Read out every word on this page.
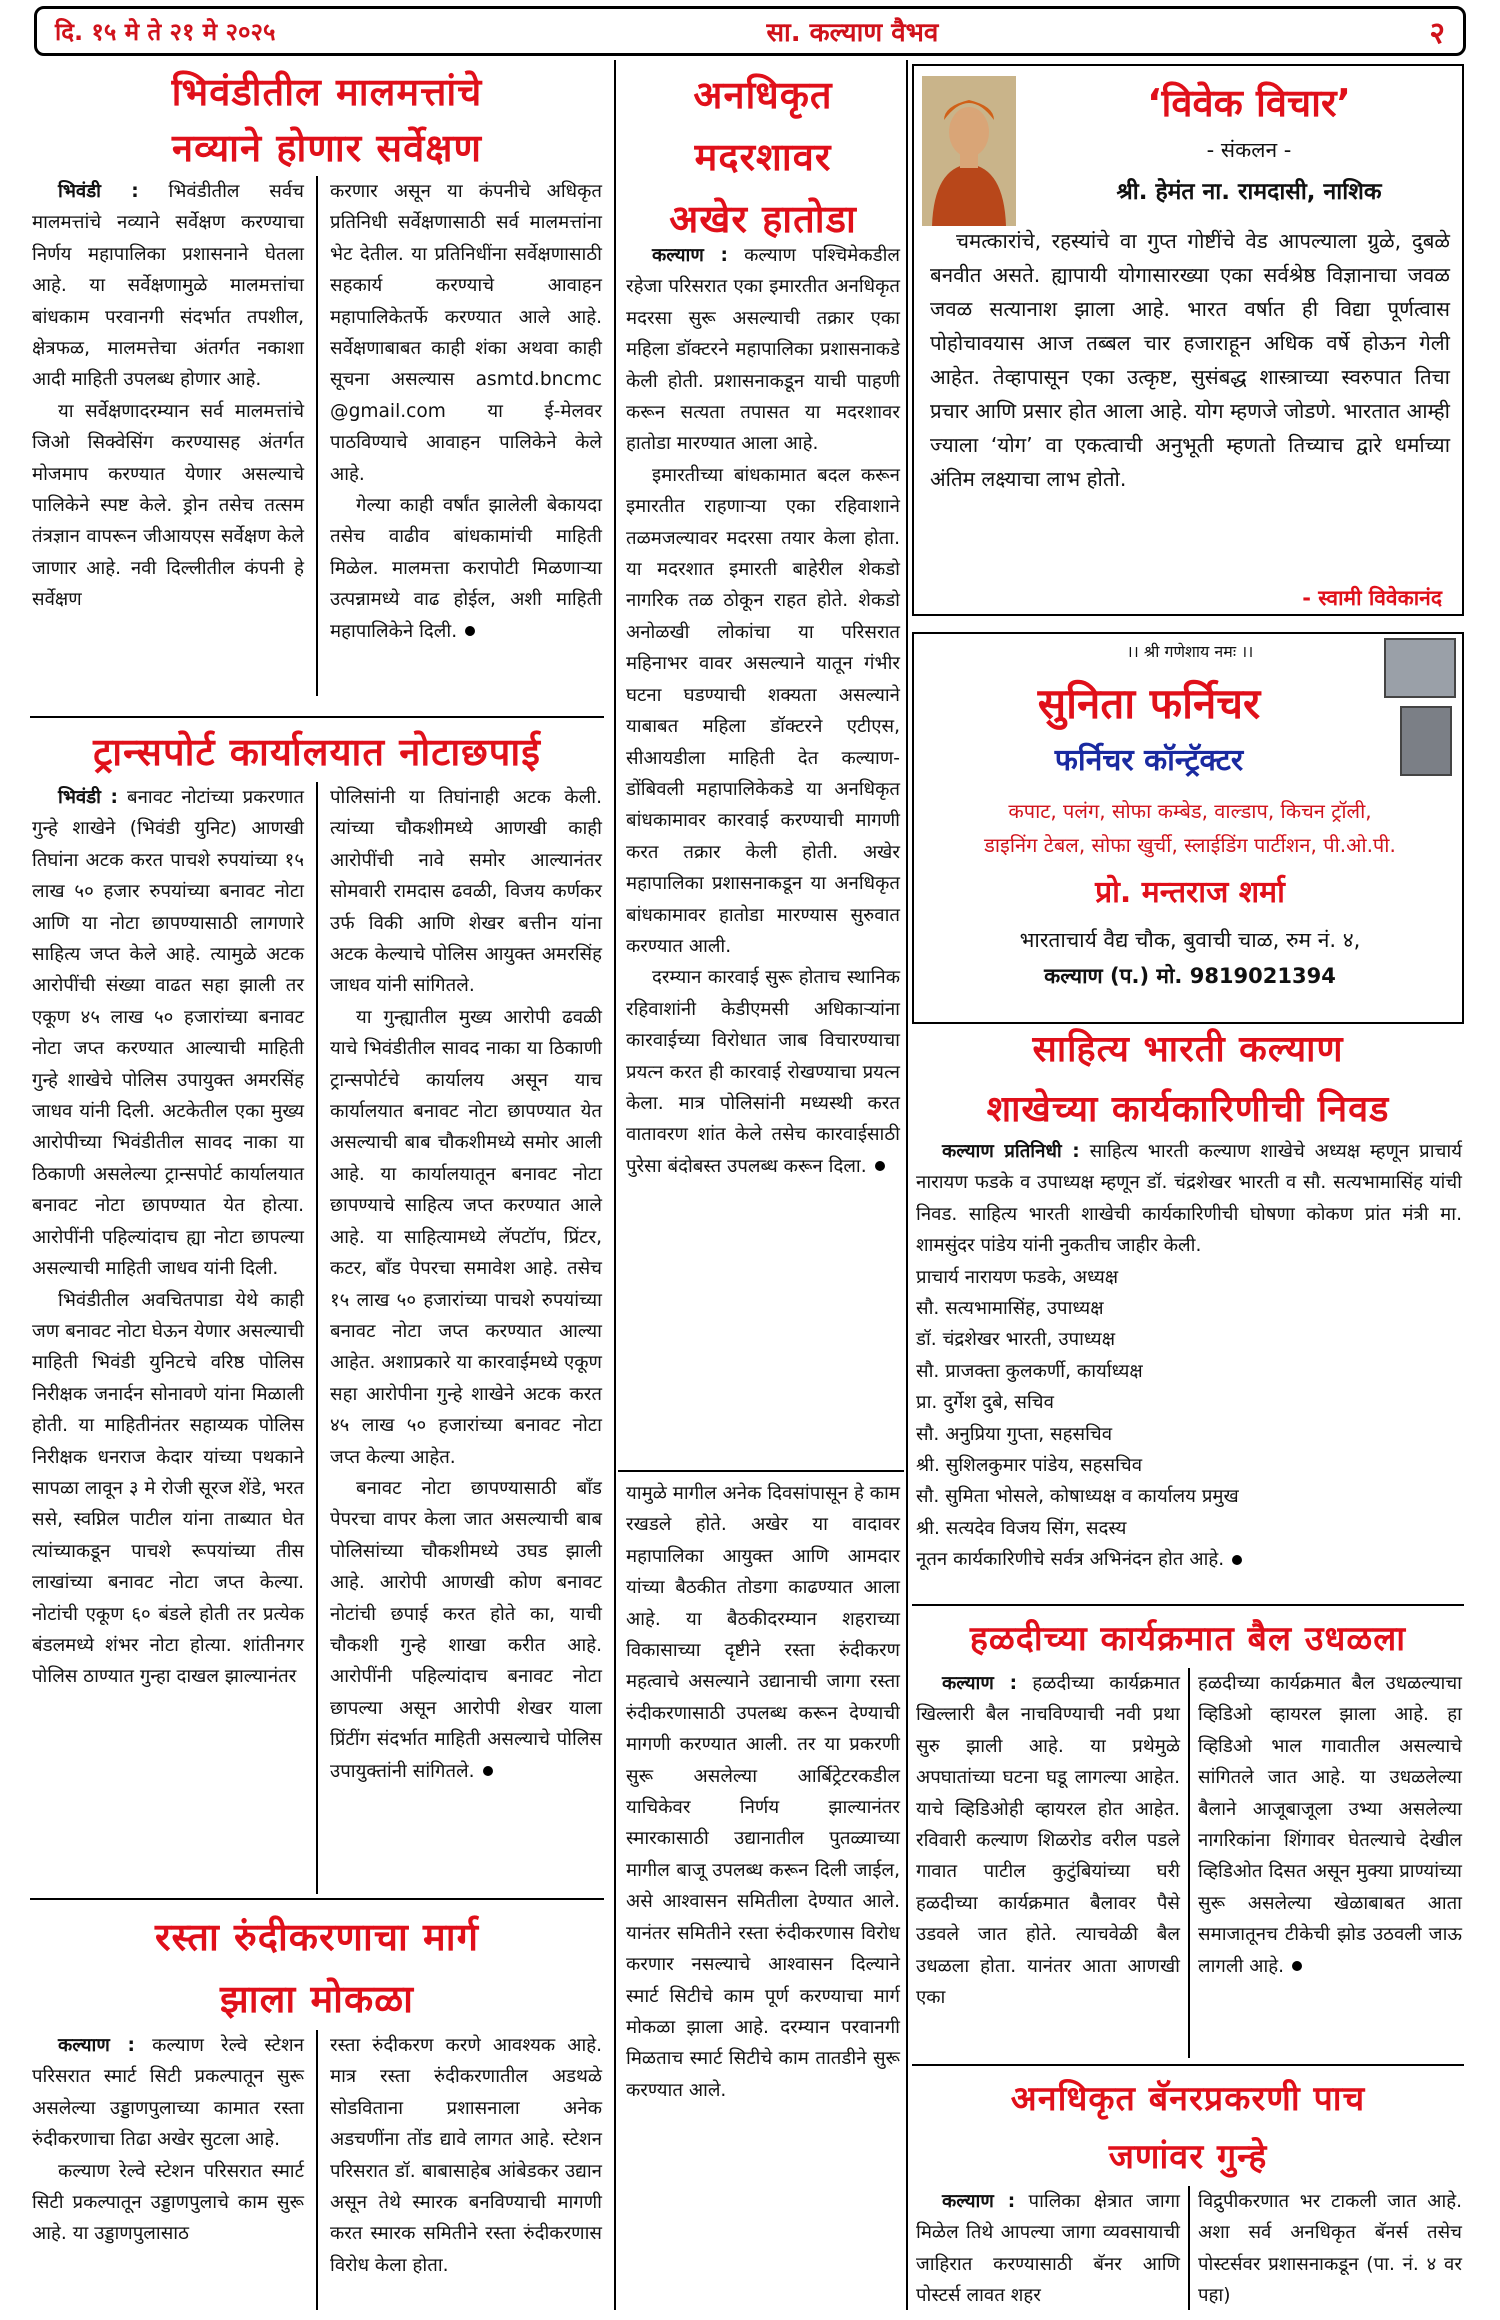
दि. १५ मे ते २१ मे २०२५	सा. कल्याण वैभव	२
भिवंडीतील मालमत्तांचे
नव्याने होणार सर्वेक्षण

भिवंडी : भिवंडीतील सर्वच मालमत्तांचे नव्याने सर्वेक्षण करण्याचा निर्णय महापालिका प्रशासनाने घेतला आहे. या सर्वेक्षणामुळे मालमत्तांचा बांधकाम परवानगी संदर्भात तपशील, क्षेत्रफळ, मालमत्तेचा अंतर्गत नकाशा आदी माहिती उपलब्ध होणार आहे.

या सर्वेक्षणादरम्यान सर्व मालमत्तांचे जिओ सिक्वेसिंग करण्यासह अंतर्गत मोजमाप करण्यात येणार असल्याचे पालिकेने स्पष्ट केले. ड्रोन तसेच तत्सम तंत्रज्ञान वापरून जीआयएस सर्वेक्षण केले जाणार आहे. नवी दिल्लीतील कंपनी हे सर्वेक्षण

करणार असून या कंपनीचे अधिकृत प्रतिनिधी सर्वेक्षणासाठी सर्व मालमत्तांना भेट देतील. या प्रतिनिधींना सर्वेक्षणासाठी सहकार्य करण्याचे आवाहन महापालिकेतर्फे करण्यात आले आहे. सर्वेक्षणाबाबत काही शंका अथवा काही सूचना असल्यास asmtd.bncmc @gmail.com या ई-मेलवर पाठविण्याचे आवाहन पालिकेने केले आहे.

गेल्या काही वर्षांत झालेली बेकायदा तसेच वाढीव बांधकामांची माहिती मिळेल. मालमत्ता करापोटी मिळणाऱ्या उत्पन्नामध्ये वाढ होईल, अशी माहिती महापालिकेने दिली.

ट्रान्सपोर्ट कार्यालयात नोटाछपाई

भिवंडी : बनावट नोटांच्या प्रकरणात गुन्हे शाखेने (भिवंडी युनिट) आणखी तिघांना अटक करत पाचशे रुपयांच्या १५ लाख ५० हजार रुपयांच्या बनावट नोटा आणि या नोटा छापण्यासाठी लागणारे साहित्य जप्त केले आहे. त्यामुळे अटक आरोपींची संख्या वाढत सहा झाली तर एकूण ४५ लाख ५० हजारांच्या बनावट नोटा जप्त करण्यात आल्याची माहिती गुन्हे शाखेचे पोलिस उपायुक्त अमरसिंह जाधव यांनी दिली. अटकेतील एका मुख्य आरोपीच्या भिवंडीतील सावद नाका या ठिकाणी असलेल्या ट्रान्सपोर्ट कार्यालयात बनावट नोटा छापण्यात येत होत्या. आरोपींनी पहिल्यांदाच ह्या नोटा छापल्या असल्याची माहिती जाधव यांनी दिली.

भिवंडीतील अवचितपाडा येथे काही जण बनावट नोटा घेऊन येणार असल्याची माहिती भिवंडी युनिटचे वरिष्ठ पोलिस निरीक्षक जनार्दन सोनावणे यांना मिळाली होती. या माहितीनंतर सहाय्यक पोलिस निरीक्षक धनराज केदार यांच्या पथकाने सापळा लावून ३ मे रोजी सूरज शेंडे, भरत ससे, स्वप्निल पाटील यांना ताब्यात घेत त्यांच्याकडून पाचशे रूपयांच्या तीस लाखांच्या बनावट नोटा जप्त केल्या. नोटांची एकूण ६० बंडले होती तर प्रत्येक बंडलमध्ये शंभर नोटा होत्या. शांतीनगर पोलिस ठाण्यात गुन्हा दाखल झाल्यानंतर

पोलिसांनी या तिघांनाही अटक केली. त्यांच्या चौकशीमध्ये आणखी काही आरोपींची नावे समोर आल्यानंतर सोमवारी रामदास ढवळी, विजय कर्णकर उर्फ विकी आणि शेखर बत्तीन यांना अटक केल्याचे पोलिस आयुक्त अमरसिंह जाधव यांनी सांगितले.

या गुन्ह्यातील मुख्य आरोपी ढवळी याचे भिवंडीतील सावद नाका या ठिकाणी ट्रान्सपोर्टचे कार्यालय असून याच कार्यालयात बनावट नोटा छापण्यात येत असल्याची बाब चौकशीमध्ये समोर आली आहे. या कार्यालयातून बनावट नोटा छापण्याचे साहित्य जप्त करण्यात आले आहे. या साहित्यामध्ये लॅपटॉप, प्रिंटर, कटर, बॉंड पेपरचा समावेश आहे. तसेच १५ लाख ५० हजारांच्या पाचशे रुपयांच्या बनावट नोटा जप्त करण्यात आल्या आहेत. अशाप्रकारे या कारवाईमध्ये एकूण सहा आरोपीना गुन्हे शाखेने अटक करत ४५ लाख ५० हजारांच्या बनावट नोटा जप्त केल्या आहेत.

बनावट नोटा छापण्यासाठी बॉंड पेपरचा वापर केला जात असल्याची बाब पोलिसांच्या चौकशीमध्ये उघड झाली आहे. आरोपी आणखी कोण बनावट नोटांची छपाई करत होते का, याची चौकशी गुन्हे शाखा करीत आहे. आरोपींनी पहिल्यांदाच बनावट नोटा छापल्या असून आरोपी शेखर याला प्रिंटींग संदर्भात माहिती असल्याचे पोलिस उपायुक्तांनी सांगितले.

रस्ता रुंदीकरणाचा मार्ग
झाला मोकळा

कल्याण : कल्याण रेल्वे स्टेशन परिसरात स्मार्ट सिटी प्रकल्पातून सुरू असलेल्या उड्डाणपुलाच्या कामात रस्ता रुंदीकरणाचा तिढा अखेर सुटला आहे.

कल्याण रेल्वे स्टेशन परिसरात स्मार्ट सिटी प्रकल्पातून उड्डाणपुलाचे काम सुरू आहे. या उड्डाणपुलासाठ

रस्ता रुंदीकरण करणे आवश्यक आहे. मात्र रस्ता रुंदीकरणातील अडथळे सोडविताना प्रशासनाला अनेक अडचणींना तोंड द्यावे लागत आहे. स्टेशन परिसरात डॉ. बाबासाहेब आंबेडकर उद्यान असून तेथे स्मारक बनविण्याची मागणी करत स्मारक समितीने रस्ता रुंदीकरणास विरोध केला होता.

अनधिकृत
मदरशावर
अखेर हातोडा

कल्याण : कल्याण पश्चिमेकडील रहेजा परिसरात एका इमारतीत अनधिकृत मदरसा सुरू असल्याची तक्रार एका महिला डॉक्टरने महापालिका प्रशासनाकडे केली होती. प्रशासनाकडून याची पाहणी करून सत्यता तपासत या मदरशावर हातोडा मारण्यात आला आहे.

इमारतीच्या बांधकामात बदल करून इमारतीत राहणाऱ्या एका रहिवाशाने तळमजल्यावर मदरसा तयार केला होता. या मदरशात इमारती बाहेरील शेकडो नागरिक तळ ठोकून राहत होते. शेकडो अनोळखी लोकांचा या परिसरात महिनाभर वावर असल्याने यातून गंभीर घटना घडण्याची शक्यता असल्याने याबाबत महिला डॉक्टरने एटीएस, सीआयडीला माहिती देत कल्याण-डोंबिवली महापालिकेकडे या अनधिकृत बांधकामावर कारवाई करण्याची मागणी करत तक्रार केली होती. अखेर महापालिका प्रशासनाकडून या अनधिकृत बांधकामावर हातोडा मारण्यास सुरुवात करण्यात आली.

दरम्यान कारवाई सुरू होताच स्थानिक रहिवाशांनी केडीएमसी अधिकाऱ्यांना कारवाईच्या विरोधात जाब विचारण्याचा प्रयत्न करत ही कारवाई रोखण्याचा प्रयत्न केला. मात्र पोलिसांनी मध्यस्थी करत वातावरण शांत केले तसेच कारवाईसाठी पुरेसा बंदोबस्त उपलब्ध करून दिला.

यामुळे मागील अनेक दिवसांपासून हे काम रखडले होते. अखेर या वादावर महापालिका आयुक्त आणि आमदार यांच्या बैठकीत तोडगा काढण्यात आला आहे. या बैठकीदरम्यान शहराच्या विकासाच्या दृष्टीने रस्ता रुंदीकरण महत्वाचे असल्याने उद्यानाची जागा रस्ता रुंदीकरणासाठी उपलब्ध करून देण्याची मागणी करण्यात आली. तर या प्रकरणी सुरू असलेल्या आर्बिट्रेटरकडील याचिकेवर निर्णय झाल्यानंतर स्मारकासाठी उद्यानातील पुतळ्याच्या मागील बाजू उपलब्ध करून दिली जाईल, असे आश्वासन समितीला देण्यात आले. यानंतर समितीने रस्ता रुंदीकरणास विरोध करणार नसल्याचे आश्वासन दिल्याने स्मार्ट सिटीचे काम पूर्ण करण्याचा मार्ग मोकळा झाला आहे. दरम्यान परवानगी मिळताच स्मार्ट सिटीचे काम तातडीने सुरू करण्यात आले.

‘विवेक विचार’
- संकलन -
श्री. हेमंत ना. रामदासी, नाशिक
चमत्कारांचे, रहस्यांचे वा गुप्त गोष्टींचे वेड आपल्याला ग्रुळे, दुबळे बनवीत असते. ह्यापायी योगासारख्या एका सर्वश्रेष्ठ विज्ञानाचा जवळ जवळ सत्यानाश झाला आहे. भारत वर्षात ही विद्या पूर्णत्वास पोहोचावयास आज तब्बल चार हजाराहून अधिक वर्षे होऊन गेली आहेत. तेव्हापासून एका उत्कृष्ट, सुसंबद्ध शास्त्राच्या स्वरुपात तिचा प्रचार आणि प्रसार होत आला आहे. योग म्हणजे जोडणे. भारतात आम्ही ज्याला ‘योग’ वा एकत्वाची अनुभूती म्हणतो तिच्याच द्वारे धर्माच्या अंतिम लक्ष्याचा लाभ होतो.
- स्वामी विवेकानंद
।। श्री गणेशाय नमः ।।
सुनिता फर्निचर
फर्निचर कॉन्ट्रॅक्टर
कपाट, पलंग, सोफा कम्बेड, वाल्डाप, किचन ट्रॉली,
डाइनिंग टेबल, सोफा खुर्ची, स्लाईडिंग पार्टीशन, पी.ओ.पी.
प्रो. मन्तराज शर्मा
भारताचार्य वैद्य चौक, बुवाची चाळ, रुम नं. ४,
कल्याण (प.) मो. 9819021394
साहित्य भारती कल्याण
शाखेच्या कार्यकारिणीची निवड

कल्याण प्रतिनिधी : साहित्य भारती कल्याण शाखेचे अध्यक्ष म्हणून प्राचार्य नारायण फडके व उपाध्यक्ष म्हणून डॉ. चंद्रशेखर भारती व सौ. सत्यभामासिंह यांची निवड. साहित्य भारती शाखेची कार्यकारिणीची घोषणा कोकण प्रांत मंत्री मा. शामसुंदर पांडेय यांनी नुकतीच जाहीर केली.

प्राचार्य नारायण फडके, अध्यक्ष
सौ. सत्यभामासिंह, उपाध्यक्ष
डॉ. चंद्रशेखर भारती, उपाध्यक्ष
सौ. प्राजक्ता कुलकर्णी, कार्याध्यक्ष
प्रा. दुर्गेश दुबे, सचिव
सौ. अनुप्रिया गुप्ता, सहसचिव
श्री. सुशिलकुमार पांडेय, सहसचिव
सौ. सुमिता भोसले, कोषाध्यक्ष व कार्यालय प्रमुख
श्री. सत्यदेव विजय सिंग, सदस्य

नूतन कार्यकारिणीचे सर्वत्र अभिनंदन होत आहे.

हळदीच्या कार्यक्रमात बैल उधळला

कल्याण : हळदीच्या कार्यक्रमात खिल्लारी बैल नाचविण्याची नवी प्रथा सुरु झाली आहे. या प्रथेमुळे अपघातांच्या घटना घडू लागल्या आहेत. याचे व्हिडिओही व्हायरल होत आहेत. रविवारी कल्याण शिळरोड वरील पडले गावात पाटील कुटुंबियांच्या घरी हळदीच्या कार्यक्रमात बैलावर पैसे उडवले जात होते. त्याचवेळी बैल उधळला होता. यानंतर आता आणखी एका

हळदीच्या कार्यक्रमात बैल उधळल्याचा व्हिडिओ व्हायरल झाला आहे. हा व्हिडिओ भाल गावातील असल्याचे सांगितले जात आहे. या उधळलेल्या बैलाने आजूबाजूला उभ्या असलेल्या नागरिकांना शिंगावर घेतल्याचे देखील व्हिडिओत दिसत असून मुक्या प्राण्यांच्या सुरू असलेल्या खेळाबाबत आता समाजातूनच टीकेची झोड उठवली जाऊ लागली आहे.

अनधिकृत बॅनरप्रकरणी पाच
जणांवर गुन्हे

कल्याण : पालिका क्षेत्रात जागा मिळेल तिथे आपल्या जागा व्यवसायाची जाहिरात करण्यासाठी बॅनर आणि पोस्टर्स लावत शहर

विद्रुपीकरणात भर टाकली जात आहे. अशा सर्व अनधिकृत बॅनर्स तसेच पोस्टर्सवर प्रशासनाकडून (पा. नं. ४ वर पहा)
